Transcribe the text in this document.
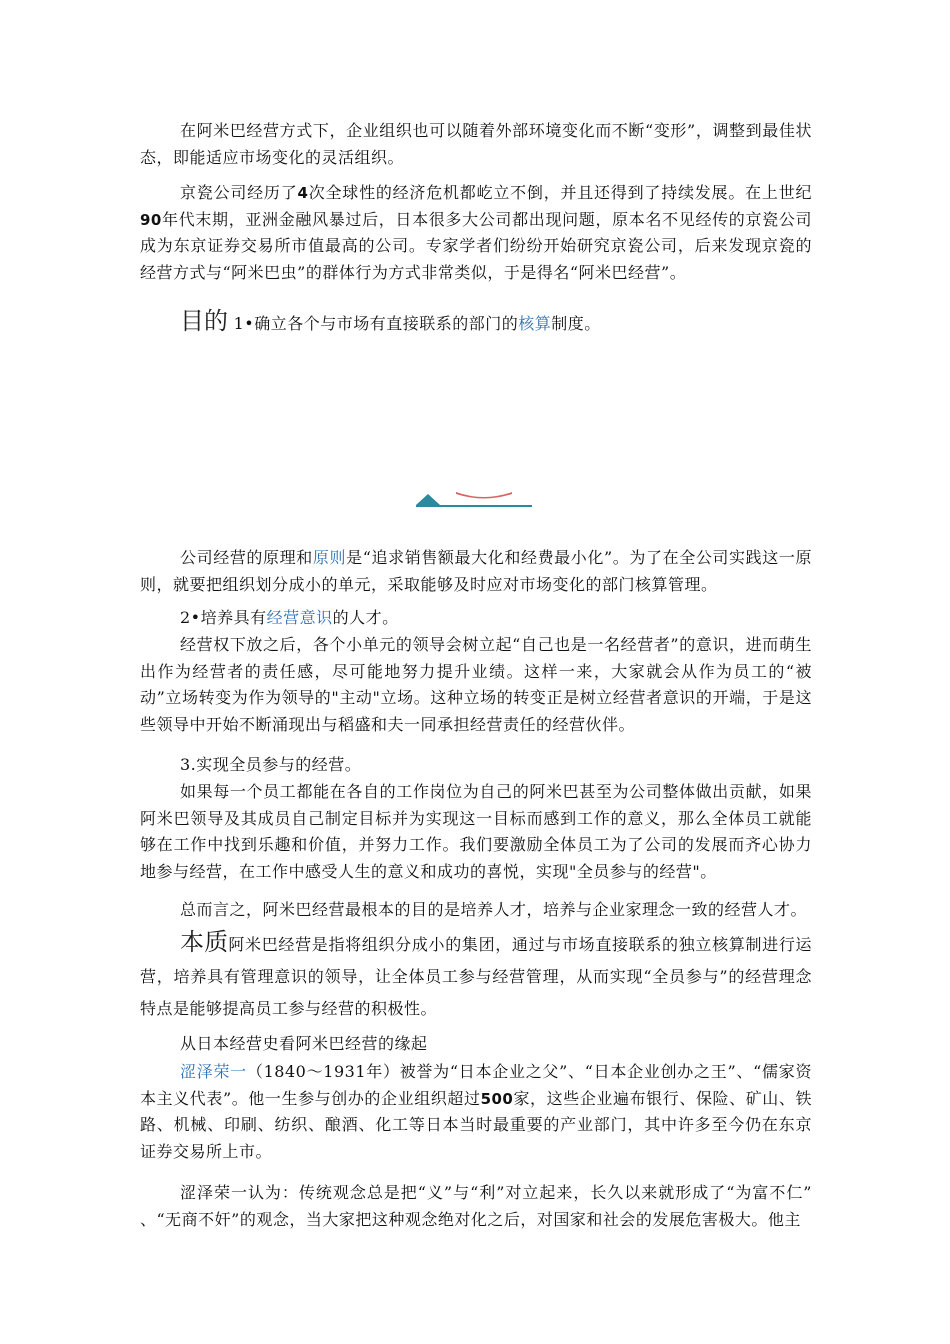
在阿米巴经营方式下，企业组织也可以随着外部环境变化而不断“变形”，调整到最佳状态，即能适应市场变化的灵活组织。

京瓷公司经历了4次全球性的经济危机都屹立不倒，并且还得到了持续发展。在上世纪90年代末期，亚洲金融风暴过后，日本很多大公司都出现问题，原本名不见经传的京瓷公司成为东京证券交易所市值最高的公司。专家学者们纷纷开始研究京瓷公司，后来发现京瓷的经营方式与“阿米巴虫”的群体行为方式非常类似，于是得名“阿米巴经营”。

目的 1•确立各个与市场有直接联系的部门的核算制度。

公司经营的原理和原则是“追求销售额最大化和经费最小化”。为了在全公司实践这一原则，就要把组织划分成小的单元，采取能够及时应对市场变化的部门核算管理。

2•培养具有经营意识的人才。

经营权下放之后，各个小单元的领导会树立起“自己也是一名经营者”的意识，进而萌生出作为经营者的责任感，尽可能地努力提升业绩。这样一来，大家就会从作为员工的“被动”立场转变为作为领导的"主动"立场。这种立场的转变正是树立经营者意识的开端，于是这些领导中开始不断涌现出与稻盛和夫一同承担经营责任的经营伙伴。

3.实现全员参与的经营。

如果每一个员工都能在各自的工作岗位为自己的阿米巴甚至为公司整体做出贡献，如果阿米巴领导及其成员自己制定目标并为实现这一目标而感到工作的意义，那么全体员工就能够在工作中找到乐趣和价值，并努力工作。我们要激励全体员工为了公司的发展而齐心协力地参与经营，在工作中感受人生的意义和成功的喜悦，实现"全员参与的经营"。

总而言之，阿米巴经营最根本的目的是培养人才，培养与企业家理念一致的经营人才。

本质阿米巴经营是指将组织分成小的集团，通过与市场直接联系的独立核算制进行运营，培养具有管理意识的领导，让全体员工参与经营管理，从而实现“全员参与”的经营理念特点是能够提高员工参与经营的积极性。

从日本经营史看阿米巴经营的缘起

涩泽荣一（1840～1931年）被誉为“日本企业之父”、“日本企业创办之王”、“儒家资本主义代表”。他一生参与创办的企业组织超过500家，这些企业遍布银行、保险、矿山、铁路、机械、印刷、纺织、酿酒、化工等日本当时最重要的产业部门，其中许多至今仍在东京证券交易所上市。

涩泽荣一认为：传统观念总是把“义”与“利”对立起来，长久以来就形成了“为富不仁” 、“无商不奸”的观念，当大家把这种观念绝对化之后，对国家和社会的发展危害极大。他主
